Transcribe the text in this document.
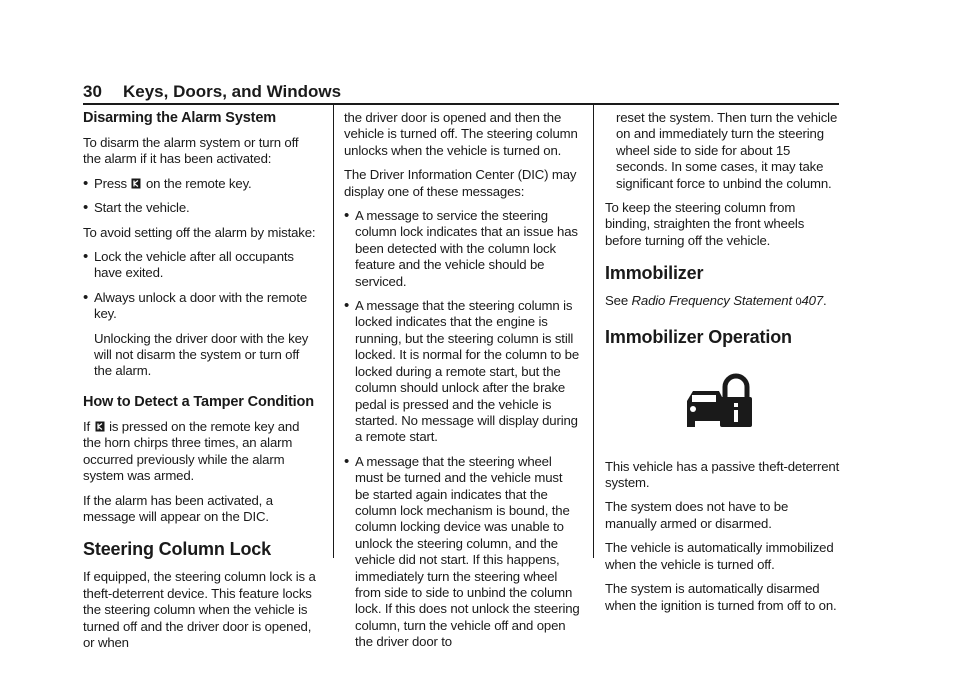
30 Keys, Doors, and Windows
Disarming the Alarm System

To disarm the alarm system or turn off the alarm if it has been activated:

• Press on the remote key.
• Start the vehicle.

To avoid setting off the alarm by mistake:

• Lock the vehicle after all occupants have exited.
• Always unlock a door with the remote key.

Unlocking the driver door with the key will not disarm the system or turn off the alarm.

How to Detect a Tamper Condition

If is pressed on the remote key and the horn chirps three times, an alarm occurred previously while the alarm system was armed.

If the alarm has been activated, a message will appear on the DIC.

Steering Column Lock

If equipped, the steering column lock is a theft-deterrent device. This feature locks the steering column when the vehicle is turned off and the driver door is opened, or when

the driver door is opened and then the vehicle is turned off. The steering column unlocks when the vehicle is turned on.

The Driver Information Center (DIC) may display one of these messages:

• A message to service the steering column lock indicates that an issue has been detected with the column lock feature and the vehicle should be serviced.
• A message that the steering column is locked indicates that the engine is running, but the steering column is still locked. It is normal for the column to be locked during a remote start, but the column should unlock after the brake pedal is pressed and the vehicle is started. No message will display during a remote start.
• A message that the steering wheel must be turned and the vehicle must be started again indicates that the column lock mechanism is bound, the column locking device was unable to unlock the steering column, and the vehicle did not start. If this happens, immediately turn the steering wheel from side to side to unbind the column lock. If this does not unlock the steering column, turn the vehicle off and open the driver door to

reset the system. Then turn the vehicle on and immediately turn the steering wheel side to side for about 15 seconds. In some cases, it may take significant force to unbind the column.

To keep the steering column from binding, straighten the front wheels before turning off the vehicle.

Immobilizer

See Radio Frequency Statement 0407.

Immobilizer Operation

This vehicle has a passive theft-deterrent system.

The system does not have to be manually armed or disarmed.

The vehicle is automatically immobilized when the vehicle is turned off.

The system is automatically disarmed when the ignition is turned from off to on.
